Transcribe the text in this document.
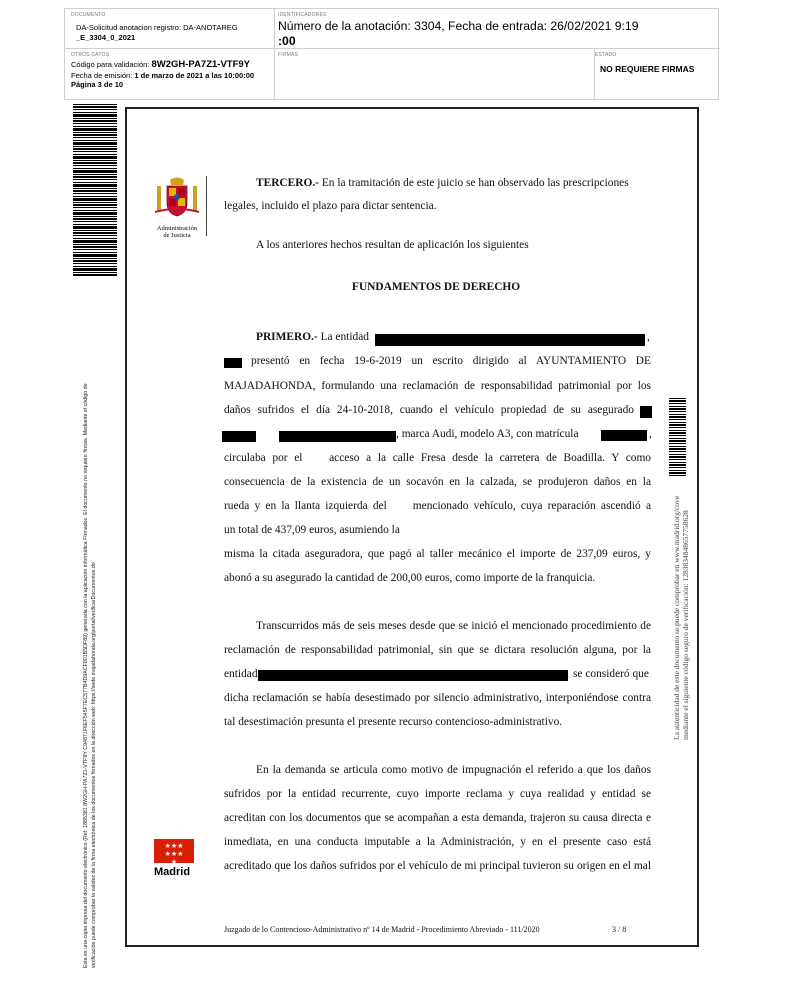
DOCUMENTO
DA-Solicitud anotacion registro: DA-ANOTAREG
_E_3304_0_2021
IDENTIFICADORES
Número de la anotación: 3304, Fecha de entrada: 26/02/2021 9:19
:00
OTROS DATOS
Código para validación: 8W2GH-PA7Z1-VTF9Y
Fecha de emisión: 1 de marzo de 2021 a las 10:00:00
Página 3 de 10
FIRMAS	ESTADO
NO REQUIERE FIRMAS
Esta es una copia impresa del documento electrónico (Ref: 1885381 8W2GH-PA7Z1-VTF9Y C94871F6EF545F7EC577B4D9ACF801B5DF89) generada con la aplicación informática Firmadoc. El documento no requiere firmas. Mediante el código de verificación puede comprobar la validez de la firma electrónica de los documentos firmados en la dirección web: https://sede.majadahonda.org/portal/verificarDocumentos.do
Administración
de Justicia
★★★★★★★
Madrid
TERCERO.- En la tramitación de este juicio se han observado las prescripciones
legales, incluido el plazo para dictar sentencia.
A los anteriores hechos resultan de aplicación los siguientes
FUNDAMENTOS DE DERECHO
PRIMERO.- La entidad	,
presentó en fecha 19-6-2019 un escrito dirigido al AYUNTAMIENTO DE
MAJADAHONDA, formulando una reclamación de responsabilidad patrimonial por los
daños sufridos el día 24-10-2018, cuando el vehículo propiedad de su asegurado
, marca Audi, modelo A3, con matrícula	,
circulaba por el    acceso a la calle Fresa desde la carretera de Boadilla. Y como
consecuencia de la existencia de un socavón en la calzada, se produjeron daños en la
rueda y en la llanta izquierda del     mencionado vehículo, cuya reparación ascendió a
un total de 437,09 euros, asumiendo la
misma la citada aseguradora, que pagó al taller mecánico el importe de 237,09 euros, y
abonó a su asegurado la cantidad de 200,00 euros, como importe de la franquicia.
Transcurridos más de seis meses desde que se inició el mencionado procedimiento de
reclamación de responsabilidad patrimonial, sin que se dictara resolución alguna, por la
entidad	se consideró que
dicha reclamación se había desestimado por silencio administrativo, interponiéndose contra
tal desestimación presunta el presente recurso contencioso-administrativo.
En la demanda se articula como motivo de impugnación el referido a que los daños
sufridos por la entidad recurrente, cuyo importe reclama y cuya realidad y entidad se
acreditan con los documentos que se acompañan a esta demanda, trajeron su causa directa e
inmediata, en una conducta imputable a la Administración, y en el presente caso está
acreditado que los daños sufridos por el vehículo de mi principal tuvieron su origen en el mal
Juzgado de lo Contencioso-Administrativo nº 14 de Madrid - Procedimiento Abreviado - 111/2020	3 / 8
La autenticidad de este documento se puede comprobar en www.madrid.org/cove mediante el siguiente código seguro de verificación: 1283834848657758628
